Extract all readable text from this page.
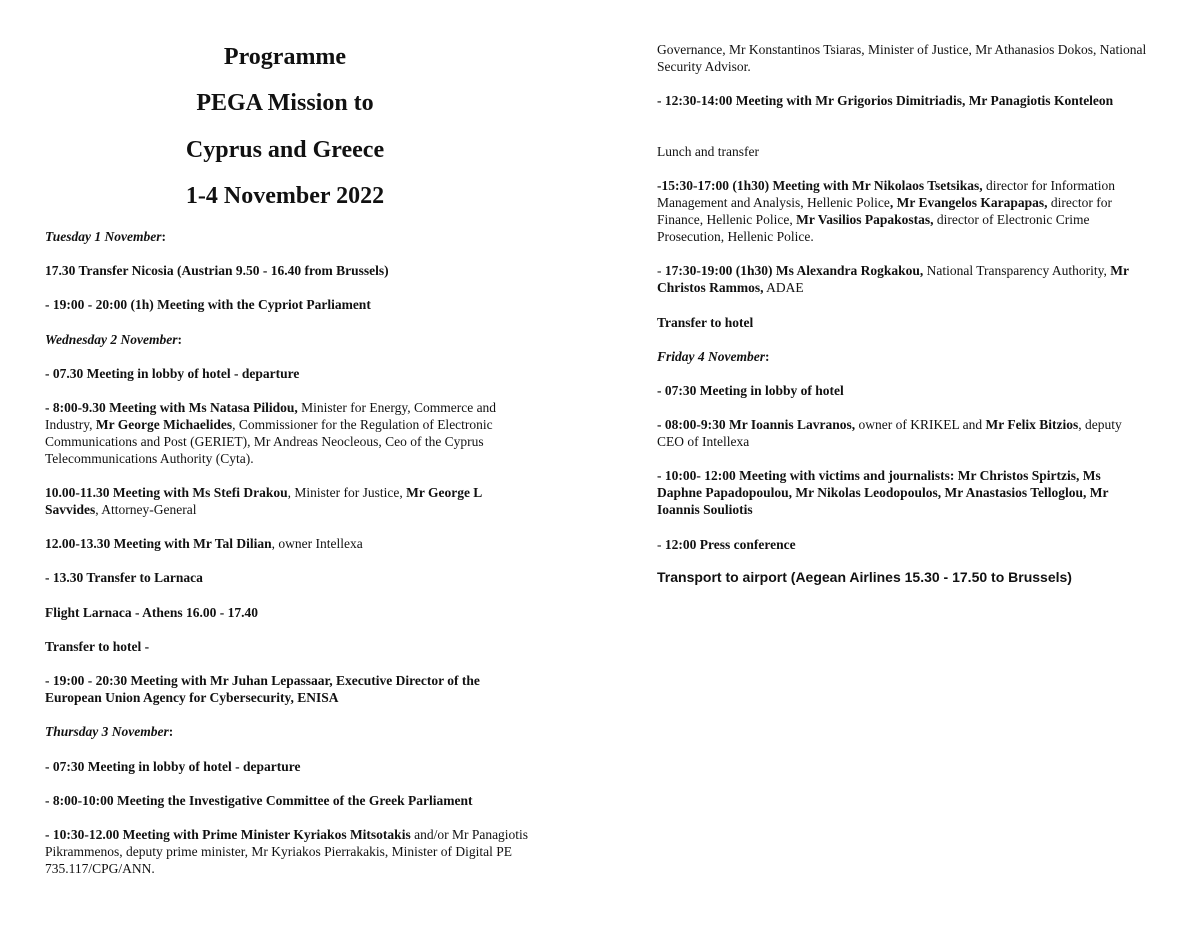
Programme
PEGA Mission to
Cyprus and Greece
1-4 November 2022

Tuesday 1 November:

17.30 Transfer Nicosia (Austrian 9.50 - 16.40 from Brussels)

- 19:00 - 20:00 (1h) Meeting with the Cypriot Parliament

Wednesday 2 November:

- 07.30 Meeting in lobby of hotel - departure

- 8:00-9.30 Meeting with Ms Natasa Pilidou, Minister for Energy, Commerce and Industry, Mr George Michaelides, Commissioner for the Regulation of Electronic Communications and Post (GERIET), Mr Andreas Neocleous, Ceo of the Cyprus Telecommunications Authority (Cyta).

10.00-11.30 Meeting with Ms Stefi Drakou, Minister for Justice, Mr George L Savvides, Attorney-General

12.00-13.30 Meeting with Mr Tal Dilian, owner Intellexa

- 13.30 Transfer to Larnaca

Flight Larnaca - Athens 16.00 - 17.40

Transfer to hotel -

- 19:00 - 20:30 Meeting with Mr Juhan Lepassaar, Executive Director of the European Union Agency for Cybersecurity, ENISA

Thursday 3 November:

- 07:30 Meeting in lobby of hotel - departure

- 8:00-10:00 Meeting the Investigative Committee of the Greek Parliament

- 10:30-12.00 Meeting with Prime Minister Kyriakos Mitsotakis and/or Mr Panagiotis Pikrammenos, deputy prime minister, Mr Kyriakos Pierrakakis, Minister of Digital PE 735.117/CPG/ANN.

Governance, Mr Konstantinos Tsiaras, Minister of Justice, Mr Athanasios Dokos, National Security Advisor.

- 12:30-14:00 Meeting with Mr Grigorios Dimitriadis, Mr Panagiotis Konteleon

Lunch and transfer

-15:30-17:00 (1h30) Meeting with Mr Nikolaos Tsetsikas, director for Information Management and Analysis, Hellenic Police, Mr Evangelos Karapapas, director for Finance, Hellenic Police, Mr Vasilios Papakostas, director of Electronic Crime Prosecution, Hellenic Police.

- 17:30-19:00 (1h30) Ms Alexandra Rogkakou, National Transparency Authority, Mr Christos Rammos, ADAE

Transfer to hotel

Friday 4 November:

- 07:30 Meeting in lobby of hotel

- 08:00-9:30 Mr Ioannis Lavranos, owner of KRIKEL and Mr Felix Bitzios, deputy CEO of Intellexa

- 10:00- 12:00 Meeting with victims and journalists: Mr Christos Spirtzis, Ms Daphne Papadopoulou, Mr Nikolas Leodopoulos, Mr Anastasios Telloglou, Mr Ioannis Souliotis

- 12:00 Press conference

Transport to airport (Aegean Airlines 15.30 - 17.50 to Brussels)
